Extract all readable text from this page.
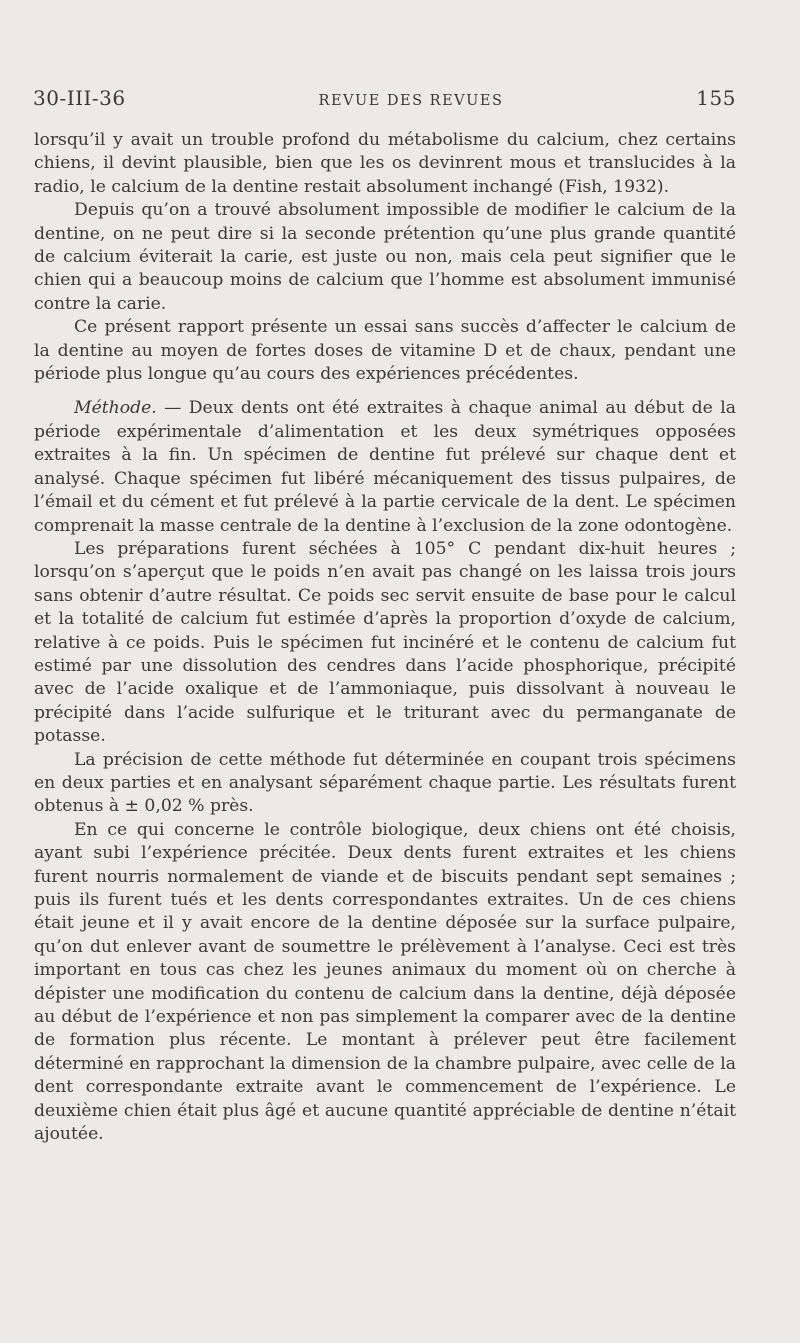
30-III-36	REVUE DES REVUES	155

lorsqu’il y avait un trouble profond du métabolisme du calcium, chez certains chiens, il devint plausible, bien que les os devinrent mous et translucides à la radio, le calcium de la dentine restait absolument inchangé (Fish, 1932).

Depuis qu’on a trouvé absolument impossible de modifier le calcium de la dentine, on ne peut dire si la seconde prétention qu’une plus grande quantité de calcium éviterait la carie, est juste ou non, mais cela peut signifier que le chien qui a beaucoup moins de calcium que l’homme est absolument immunisé contre la carie.

Ce présent rapport présente un essai sans succès d’affecter le calcium de la dentine au moyen de fortes doses de vitamine D et de chaux, pendant une période plus longue qu’au cours des expériences précédentes.

Méthode. — Deux dents ont été extraites à chaque animal au début de la période expérimentale d’alimentation et les deux symétriques opposées extraites à la fin. Un spécimen de dentine fut prélevé sur chaque dent et analysé. Chaque spécimen fut libéré mécaniquement des tissus pulpaires, de l’émail et du cément et fut prélevé à la partie cervicale de la dent. Le spécimen comprenait la masse centrale de la dentine à l’exclusion de la zone odontogène.

Les préparations furent séchées à 105° C pendant dix-huit heures ; lorsqu’on s’aperçut que le poids n’en avait pas changé on les laissa trois jours sans obtenir d’autre résultat. Ce poids sec servit ensuite de base pour le calcul et la totalité de calcium fut estimée d’après la proportion d’oxyde de calcium, relative à ce poids. Puis le spécimen fut incinéré et le contenu de calcium fut estimé par une dissolution des cendres dans l’acide phosphorique, précipité avec de l’acide oxalique et de l’ammoniaque, puis dissolvant à nouveau le précipité dans l’acide sulfurique et le triturant avec du permanganate de potasse.

La précision de cette méthode fut déterminée en coupant trois spécimens en deux parties et en analysant séparément chaque partie. Les résultats furent obtenus à ± 0,02 % près.

En ce qui concerne le contrôle biologique, deux chiens ont été choisis, ayant subi l’expérience précitée. Deux dents furent extraites et les chiens furent nourris normalement de viande et de biscuits pendant sept semaines ; puis ils furent tués et les dents correspondantes extraites. Un de ces chiens était jeune et il y avait encore de la dentine déposée sur la surface pulpaire, qu’on dut enlever avant de soumettre le prélèvement à l’analyse. Ceci est très important en tous cas chez les jeunes animaux du moment où on cherche à dépister une modification du contenu de calcium dans la dentine, déjà déposée au début de l’expérience et non pas simplement la comparer avec de la dentine de formation plus récente. Le montant à prélever peut être facilement déterminé en rapprochant la dimension de la chambre pulpaire, avec celle de la dent correspondante extraite avant le commencement de l’expérience. Le deuxième chien était plus âgé et aucune quantité appréciable de dentine n’était ajoutée.
